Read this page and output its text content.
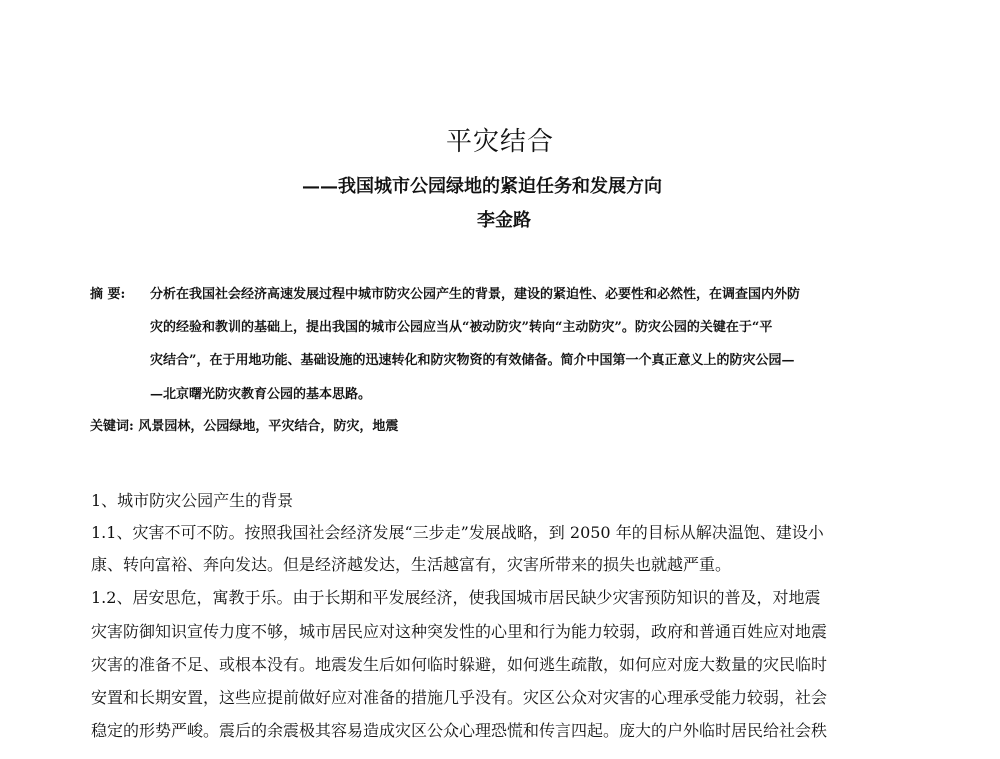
平灾结合
——我国城市公园绿地的紧迫任务和发展方向
李金路
摘 要: 分析在我国社会经济高速发展过程中城市防灾公园产生的背景，建设的紧迫性、必要性和必然性，在调查国内外防
灾的经验和教训的基础上，提出我国的城市公园应当从“被动防灾”转向“主动防灾”。防灾公园的关键在于“平
灾结合”，在于用地功能、基础设施的迅速转化和防灾物资的有效储备。简介中国第一个真正意义上的防灾公园—
—北京曙光防灾教育公园的基本思路。
关键词: 风景园林，公园绿地，平灾结合，防灾，地震
1、城市防灾公园产生的背景
1.1、灾害不可不防。按照我国社会经济发展“三步走”发展战略，到 2050 年的目标从解决温饱、建设小
康、转向富裕、奔向发达。但是经济越发达，生活越富有，灾害所带来的损失也就越严重。
1.2、居安思危，寓教于乐。由于长期和平发展经济，使我国城市居民缺少灾害预防知识的普及，对地震
灾害防御知识宣传力度不够，城市居民应对这种突发性的心里和行为能力较弱，政府和普通百姓应对地震
灾害的准备不足、或根本没有。地震发生后如何临时躲避，如何逃生疏散，如何应对庞大数量的灾民临时
安置和长期安置，这些应提前做好应对准备的措施几乎没有。灾区公众对灾害的心理承受能力较弱，社会
稳定的形势严峻。震后的余震极其容易造成灾区公众心理恐慌和传言四起。庞大的户外临时居民给社会秩
